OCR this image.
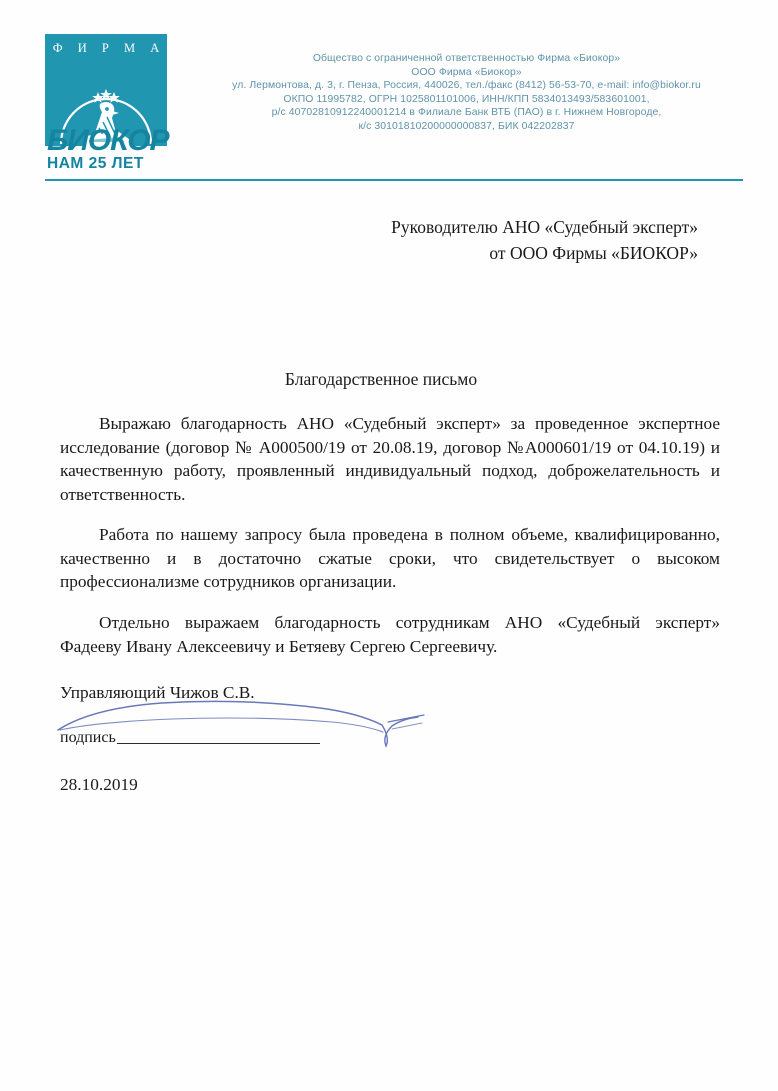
Ф И Р М А
БИОКОР
НАМ 25 ЛЕТ
Общество с ограниченной ответственностью Фирма «Биокор»
ООО Фирма «Биокор»
ул. Лермонтова, д. 3, г. Пенза, Россия, 440026, тел./факс (8412) 56-53-70, e-mail: info@biokor.ru
ОКПО 11995782, ОГРН 1025801101006, ИНН/КПП 5834013493/583601001,
р/с 40702810912240001214 в Филиале Банк ВТБ (ПАО) в г. Нижнем Новгороде,
к/с 30101810200000000837, БИК 042202837
Руководителю АНО «Судебный эксперт»
от ООО Фирмы «БИОКОР»
Благодарственное письмо

Выражаю благодарность АНО «Судебный эксперт» за проведенное экспертное исследование (договор № А000500/19 от 20.08.19, договор №А000601/19 от 04.10.19) и качественную работу, проявленный индивидуальный подход, доброжелательность и ответственность.

Работа по нашему запросу была проведена в полном объеме, квалифицированно, качественно и в достаточно сжатые сроки, что свидетельствует о высоком профессионализме сотрудников организации.

Отдельно выражаем благодарность сотрудникам АНО «Судебный эксперт» Фадееву Ивану Алексеевичу и Бетяеву Сергею Сергеевичу.

Управляющий Чижов С.В.
подпись
28.10.2019
